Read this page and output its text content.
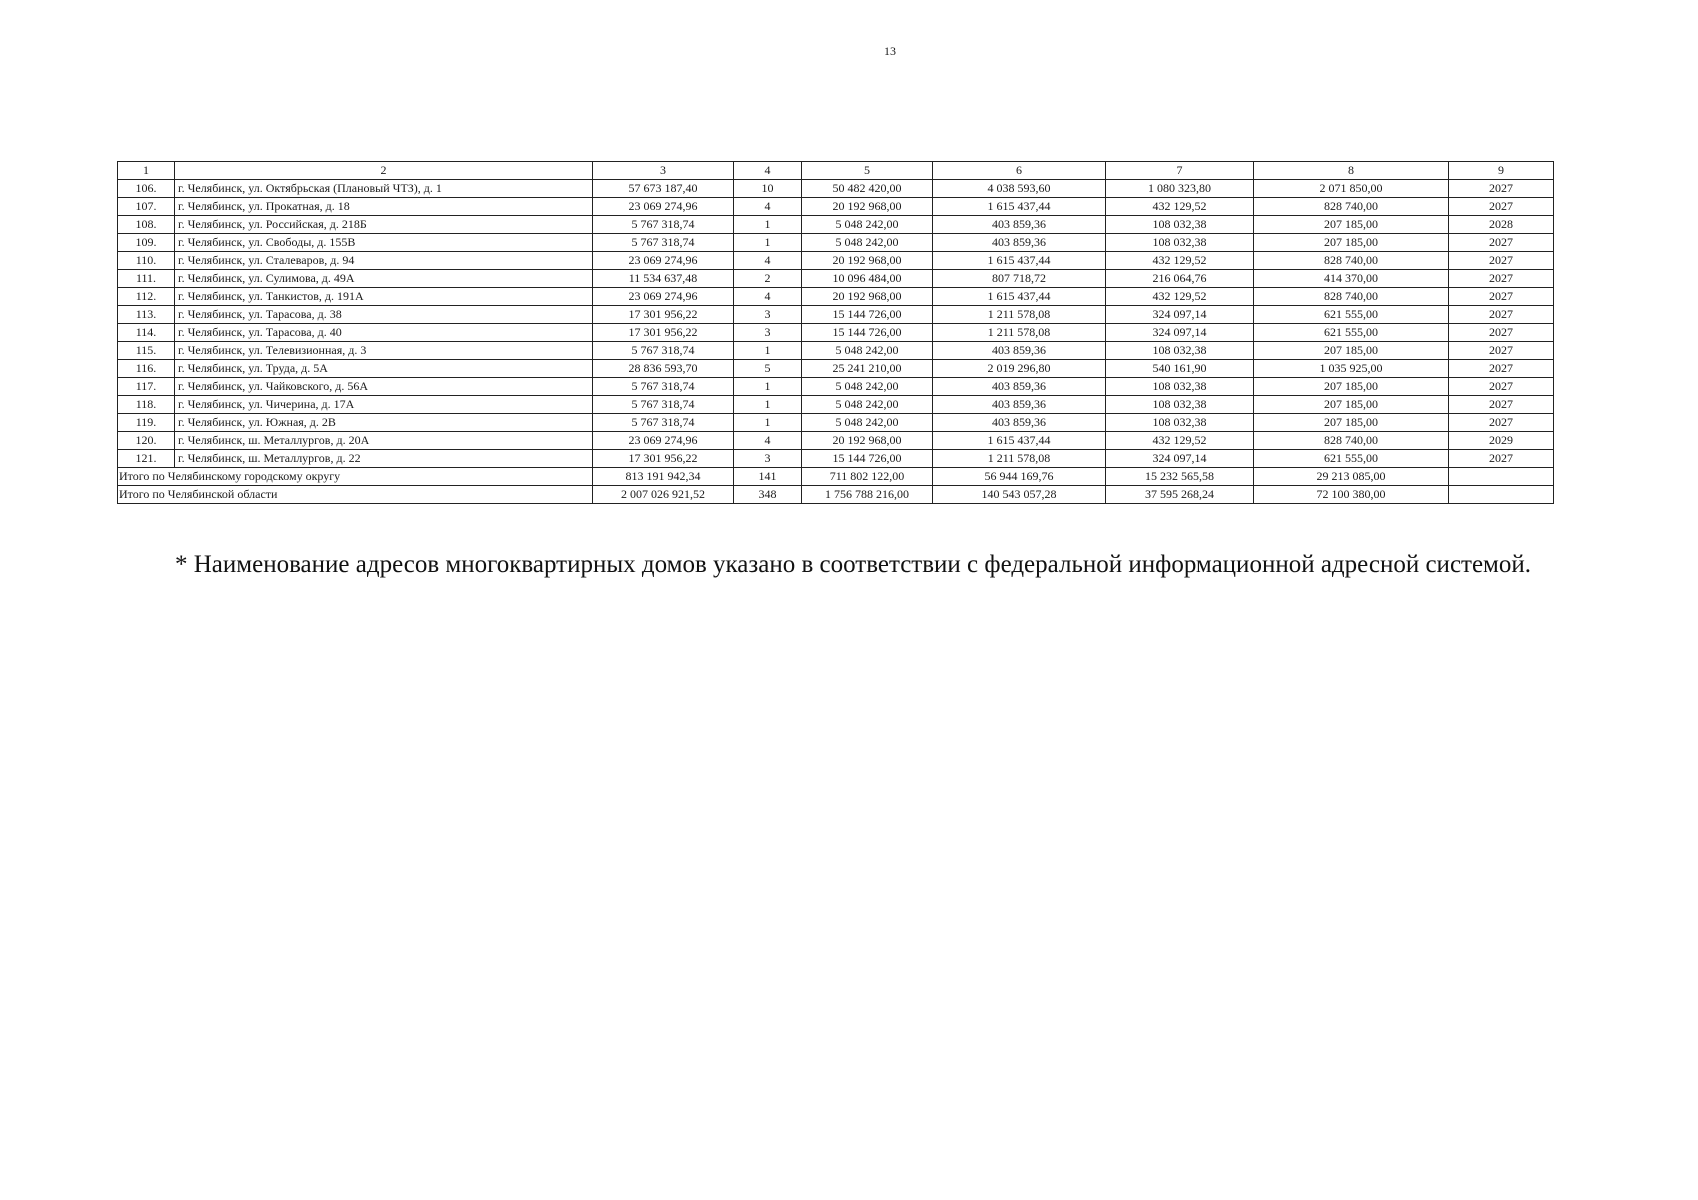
13
1	2	3	4	5	6	7	8	9
106.	г. Челябинск, ул. Октябрьская (Плановый ЧТЗ), д. 1	57 673 187,40	10	50 482 420,00	4 038 593,60	1 080 323,80	2 071 850,00	2027
107.	г. Челябинск, ул. Прокатная, д. 18	23 069 274,96	4	20 192 968,00	1 615 437,44	432 129,52	828 740,00	2027
108.	г. Челябинск, ул. Российская, д. 218Б	5 767 318,74	1	5 048 242,00	403 859,36	108 032,38	207 185,00	2028
109.	г. Челябинск, ул. Свободы, д. 155В	5 767 318,74	1	5 048 242,00	403 859,36	108 032,38	207 185,00	2027
110.	г. Челябинск, ул. Сталеваров, д. 94	23 069 274,96	4	20 192 968,00	1 615 437,44	432 129,52	828 740,00	2027
111.	г. Челябинск, ул. Сулимова, д. 49А	11 534 637,48	2	10 096 484,00	807 718,72	216 064,76	414 370,00	2027
112.	г. Челябинск, ул. Танкистов, д. 191А	23 069 274,96	4	20 192 968,00	1 615 437,44	432 129,52	828 740,00	2027
113.	г. Челябинск, ул. Тарасова, д. 38	17 301 956,22	3	15 144 726,00	1 211 578,08	324 097,14	621 555,00	2027
114.	г. Челябинск, ул. Тарасова, д. 40	17 301 956,22	3	15 144 726,00	1 211 578,08	324 097,14	621 555,00	2027
115.	г. Челябинск, ул. Телевизионная, д. 3	5 767 318,74	1	5 048 242,00	403 859,36	108 032,38	207 185,00	2027
116.	г. Челябинск, ул. Труда, д. 5А	28 836 593,70	5	25 241 210,00	2 019 296,80	540 161,90	1 035 925,00	2027
117.	г. Челябинск, ул. Чайковского, д. 56А	5 767 318,74	1	5 048 242,00	403 859,36	108 032,38	207 185,00	2027
118.	г. Челябинск, ул. Чичерина, д. 17А	5 767 318,74	1	5 048 242,00	403 859,36	108 032,38	207 185,00	2027
119.	г. Челябинск, ул. Южная, д. 2В	5 767 318,74	1	5 048 242,00	403 859,36	108 032,38	207 185,00	2027
120.	г. Челябинск, ш. Металлургов, д. 20А	23 069 274,96	4	20 192 968,00	1 615 437,44	432 129,52	828 740,00	2029
121.	г. Челябинск, ш. Металлургов, д. 22	17 301 956,22	3	15 144 726,00	1 211 578,08	324 097,14	621 555,00	2027
Итого по Челябинскому городскому округу		813 191 942,34	141	711 802 122,00	56 944 169,76	15 232 565,58	29 213 085,00	
Итого по Челябинской области		2 007 026 921,52	348	1 756 788 216,00	140 543 057,28	37 595 268,24	72 100 380,00	
* Наименование адресов многоквартирных домов указано в соответствии с федеральной информационной адресной системой.
